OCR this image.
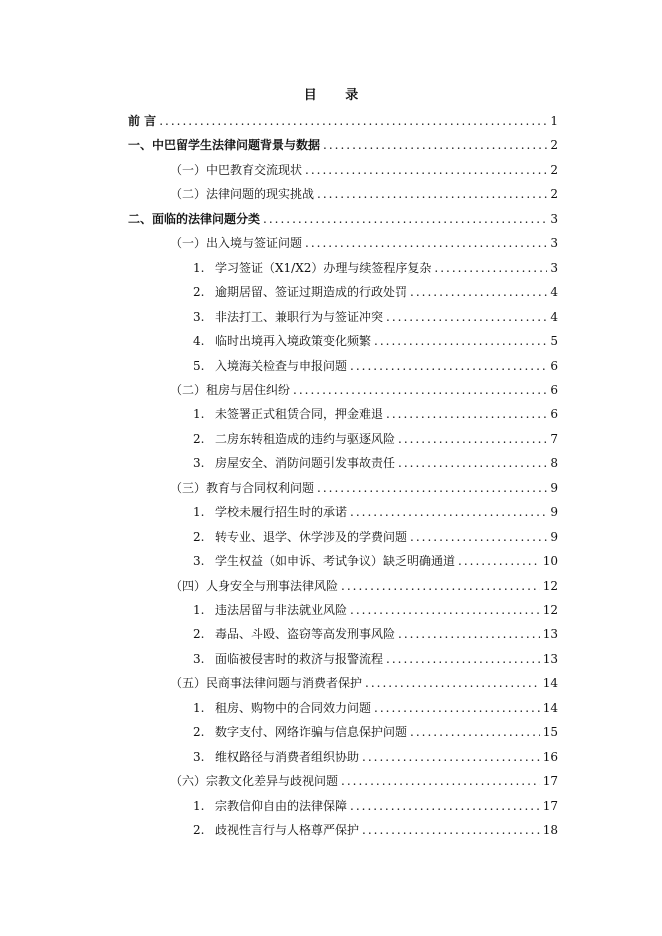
目 录
前 言 .....	1
一、中巴留学生法律问题背景与数据 .....	2
（一）中巴教育交流现状 .....	2
（二）法律问题的现实挑战 .....	2
二、面临的法律问题分类 .....	3
（一）出入境与签证问题 .....	3
1. 学习签证（X1/X2）办理与续签程序复杂 .....	3
2. 逾期居留、签证过期造成的行政处罚 .....	4
3. 非法打工、兼职行为与签证冲突 .....	4
4. 临时出境再入境政策变化频繁 .....	5
5. 入境海关检查与申报问题 .....	6
（二）租房与居住纠纷 .....	6
1. 未签署正式租赁合同，押金难退 .....	6
2. 二房东转租造成的违约与驱逐风险 .....	7
3. 房屋安全、消防问题引发事故责任 .....	8
（三）教育与合同权利问题 .....	9
1. 学校未履行招生时的承诺 .....	9
2. 转专业、退学、休学涉及的学费问题 .....	9
3. 学生权益（如申诉、考试争议）缺乏明确通道 .....	10
（四）人身安全与刑事法律风险 .....	12
1. 违法居留与非法就业风险 .....	12
2. 毒品、斗殴、盗窃等高发刑事风险 .....	13
3. 面临被侵害时的救济与报警流程 .....	13
（五）民商事法律问题与消费者保护 .....	14
1. 租房、购物中的合同效力问题 .....	14
2. 数字支付、网络诈骗与信息保护问题 .....	15
3. 维权路径与消费者组织协助 .....	16
（六）宗教文化差异与歧视问题 .....	17
1. 宗教信仰自由的法律保障 .....	17
2. 歧视性言行与人格尊严保护 .....	18
